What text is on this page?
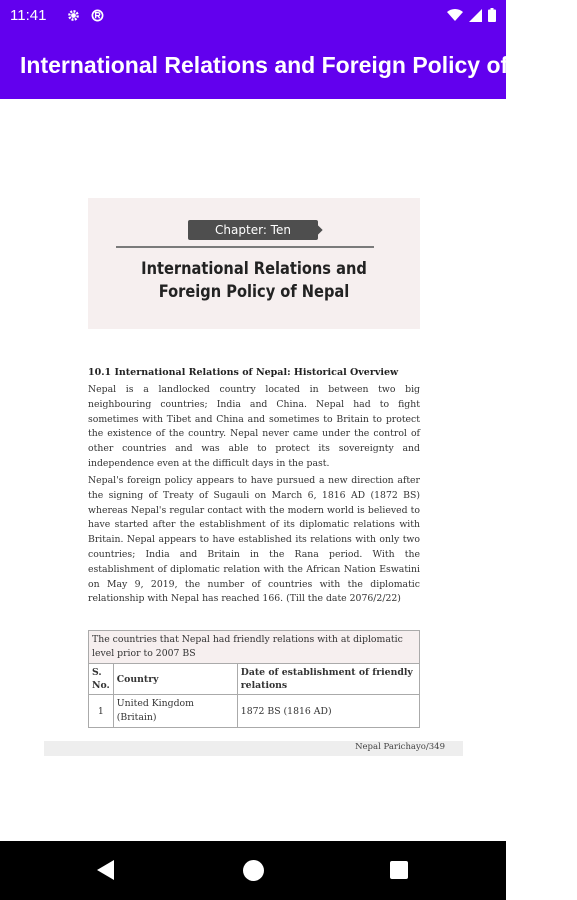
11:41
International Relations and Foreign Policy of Nepal
Chapter: Ten
International Relations and
Foreign Policy of Nepal
10.1 International Relations of Nepal: Historical Overview

Nepal is a landlocked country located in between two big neighbouring countries; India and China. Nepal had to fight sometimes with Tibet and China and sometimes to Britain to protect the existence of the country. Nepal never came under the control of other countries and was able to protect its sovereignty and independence even at the difficult days in the past.

Nepal's foreign policy appears to have pursued a new direction after the signing of Treaty of Sugauli on March 6, 1816 AD (1872 BS) whereas Nepal's regular contact with the modern world is believed to have started after the establishment of its diplomatic relations with Britain. Nepal appears to have established its relations with only two countries; India and Britain in the Rana period. With the establishment of diplomatic relation with the African Nation Eswatini on May 9, 2019, the number of countries with the diplomatic relationship with Nepal has reached 166. (Till the date 2076/2/22)

The countries that Nepal had friendly relations with at diplomatic level prior to 2007 BS		
S. No.	Country	Date of establishment of friendly relations
1	United Kingdom (Britain)	1872 BS (1816 AD)
Nepal Parichayo/349
